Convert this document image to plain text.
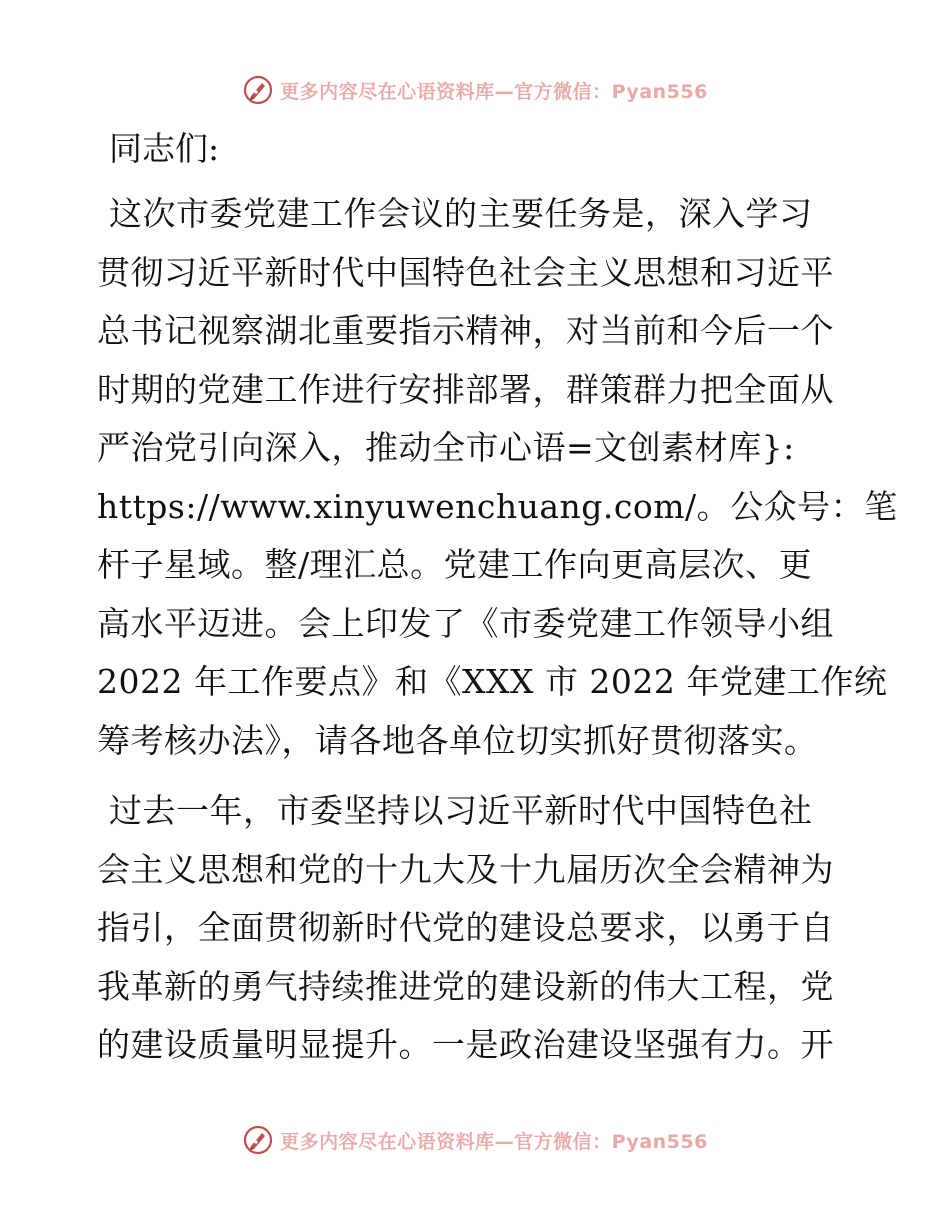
更多内容尽在心语资料库—官方微信：Pyan556
同志们:
这次市委党建工作会议的主要任务是，深入学习
贯彻习近平新时代中国特色社会主义思想和习近平
总书记视察湖北重要指示精神，对当前和今后一个
时期的党建工作进行安排部署，群策群力把全面从
严治党引向深入，推动全市心语=文创素材库}:
https://www.xinyuwenchuang.com/。公众号：笔
杆子星域。整/理汇总。党建工作向更高层次、更
高水平迈进。会上印发了《市委党建工作领导小组
2022 年工作要点》和《XXX 市 2022 年党建工作统
筹考核办法》，请各地各单位切实抓好贯彻落实。
过去一年，市委坚持以习近平新时代中国特色社
会主义思想和党的十九大及十九届历次全会精神为
指引，全面贯彻新时代党的建设总要求，以勇于自
我革新的勇气持续推进党的建设新的伟大工程，党
的建设质量明显提升。一是政治建设坚强有力。开
更多内容尽在心语资料库—官方微信：Pyan556
